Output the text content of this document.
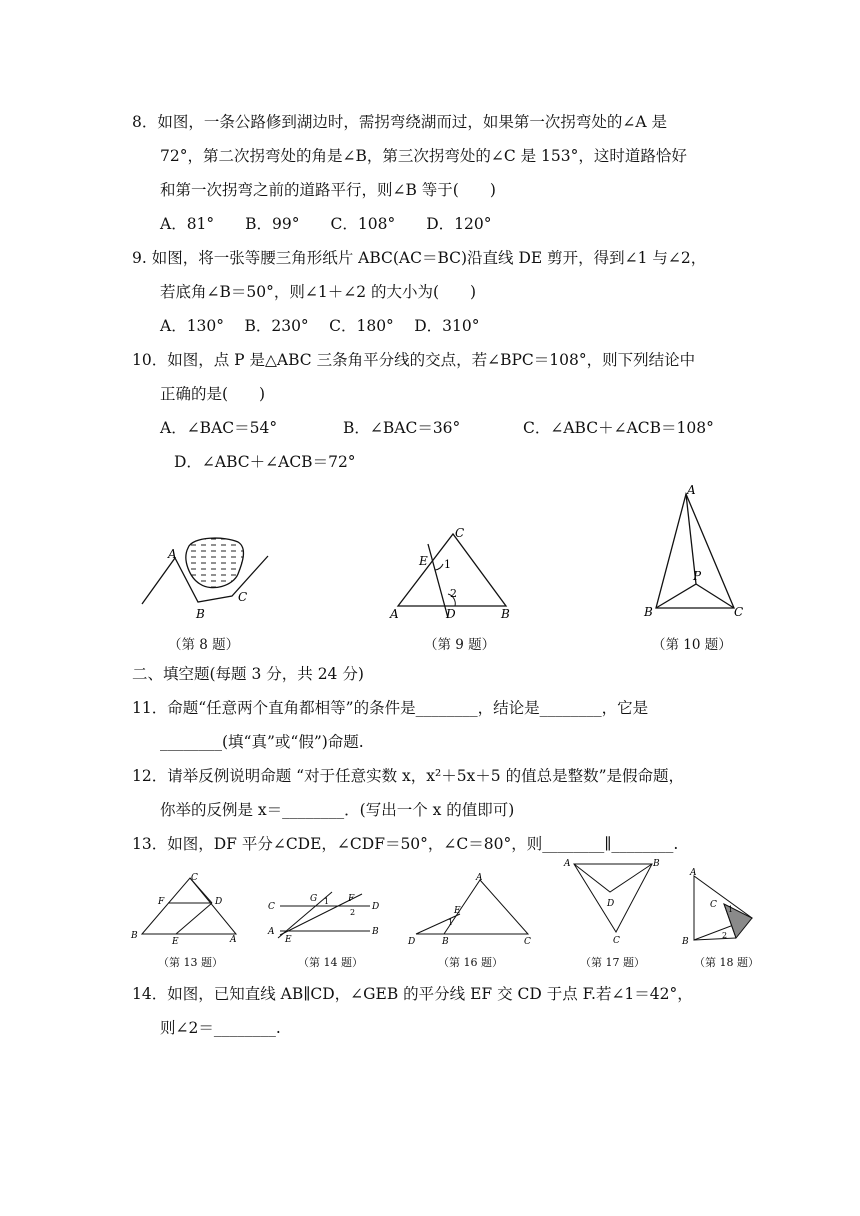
8．如图，一条公路修到湖边时，需拐弯绕湖而过，如果第一次拐弯处的∠A 是
72°，第二次拐弯处的角是∠B，第三次拐弯处的∠C 是 153°，这时道路恰好
和第一次拐弯之前的道路平行，则∠B 等于(　　)
A．81°　　B．99°　　C．108°　　D．120°
9. 如图，将一张等腰三角形纸片 ABC(AC＝BC)沿直线 DE 剪开，得到∠1 与∠2，
若底角∠B＝50°，则∠1＋∠2 的大小为(　　)
A．130°　 B．230°　 C．180°　 D．310°
10．如图，点 P 是△ABC 三条角平分线的交点，若∠BPC＝108°，则下列结论中
正确的是(　　)
A．∠BAC＝54°	B．∠BAC＝36°	C．∠ABC＋∠ACB＝108°
D．∠ABC＋∠ACB＝72°
A
B
C
（第 8 题）
C
E 1
2
A	D	B
（第 9 题）
A
P
B	C
（第 10 题）
二、填空题(每题 3 分，共 24 分)
11．命题“任意两个直角都相等”的条件是________，结论是________，它是
________(填“真”或“假”)命题.
12．请举反例说明命题 “对于任意实数 x，x²＋5x＋5 的值总是整数”是假命题，
你举的反例是 x＝________．(写出一个 x 的值即可)
13．如图，DF 平分∠CDE，∠CDF＝50°，∠C＝80°，则________∥________.
C
F	D
B
E	A
（第 13 题）
G 1 F
2
C	D
A
E
B
（第 14 题）
A
E
1
D	B	C
（第 16 题）
A	B
D
C
（第 17 题）
A
C 1
2
B
（第 18 题）
14．如图，已知直线 AB∥CD，∠GEB 的平分线 EF 交 CD 于点 F.若∠1＝42°，
则∠2＝________.
